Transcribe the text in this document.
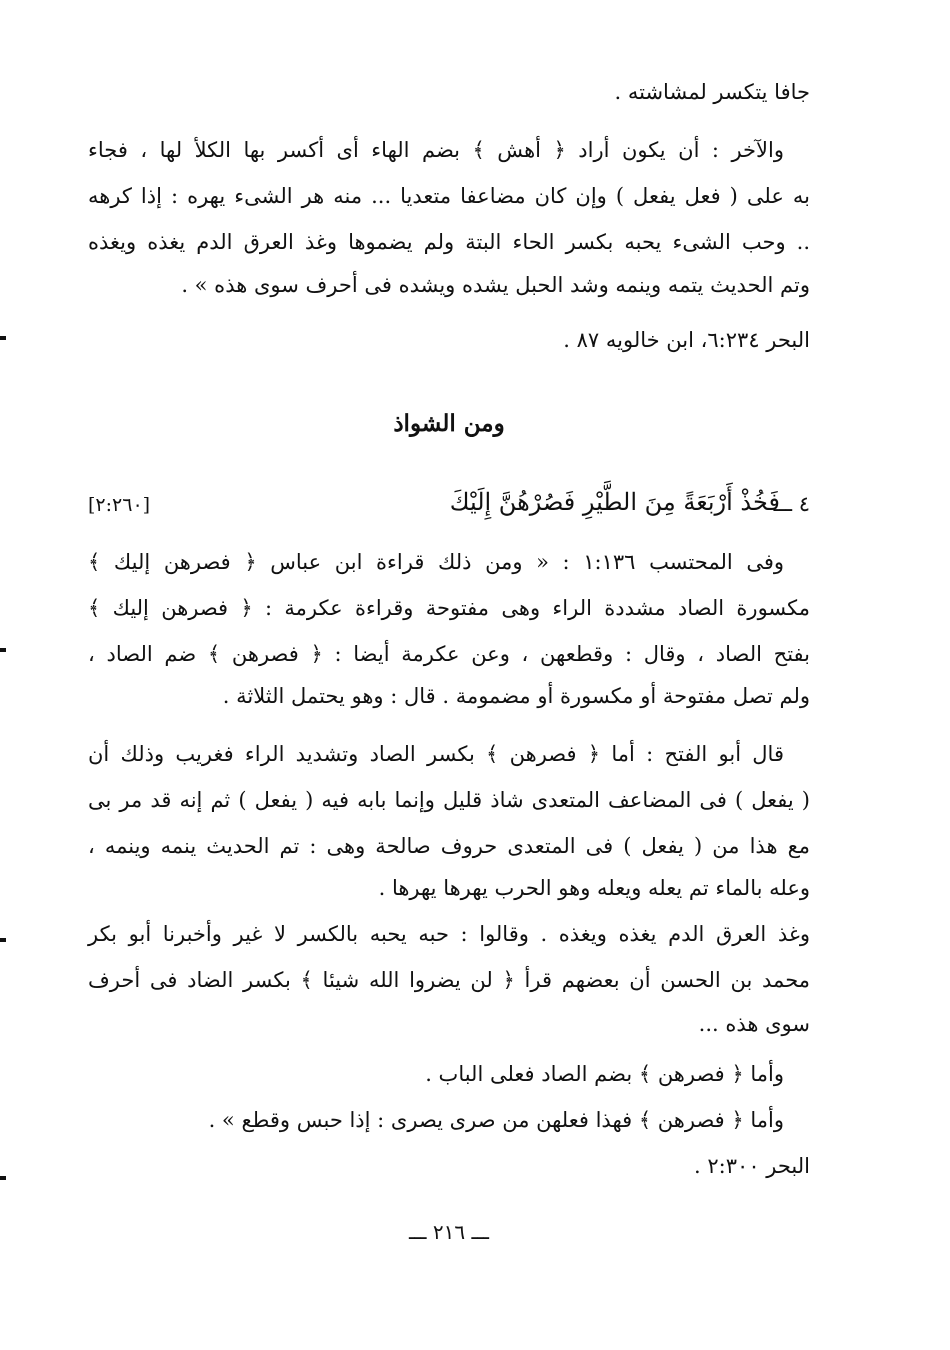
جافا يتكسر لمشاشته .
والآخر : أن يكون أراد ﴿ أهش ﴾ بضم الهاء أى أكسر بها الكلأ لها ، فجاء
به على ( فعل يفعل ) وإن كان مضاعفا متعديا ... منه هر الشىء يهره : إذا كرهه
.. وحب الشىء يحبه بكسر الحاء البتة ولم يضموها وغذ العرق الدم يغذه ويغذه
وتم الحديث يتمه وينمه وشد الحبل يشده ويشده فى أحرف سوى هذه » .
البحر ٦:٢٣٤، ابن خالويه ٨٧ .
ومن الشواذ
٤ ـــ
فَخُذْ أَرْبَعَةً مِنَ الطَّيْرِ فَصُرْهُنَّ إِلَيْكَ
[٢:٢٦٠]
وفى المحتسب ١:١٣٦ : « ومن ذلك قراءة ابن عباس ﴿ فصرهن إليك ﴾
مكسورة الصاد مشددة الراء وهى مفتوحة وقراءة عكرمة : ﴿ فصرهن إليك ﴾
بفتح الصاد ، وقال : وقطعهن ، وعن عكرمة أيضا : ﴿ فصرهن ﴾ ضم الصاد ،
ولم تصل مفتوحة أو مكسورة أو مضمومة . قال : وهو يحتمل الثلاثة .
قال أبو الفتح : أما ﴿ فصرهن ﴾ بكسر الصاد وتشديد الراء فغريب وذلك أن
( يفعل ) فى المضاعف المتعدى شاذ قليل وإنما بابه فيه ( يفعل ) ثم إنه قد مر بى
مع هذا من ( يفعل ) فى المتعدى حروف صالحة وهى : تم الحديث ينمه وينمه ،
وعله بالماء تم يعله ويعله وهو الحرب يهرها يهرها .
وغذ العرق الدم يغذه ويغذه . وقالوا : حبه يحبه بالكسر لا غير وأخبرنا أبو بكر
محمد بن الحسن أن بعضهم قرأ ﴿ لن يضروا الله شيئا ﴾ بكسر الضاد فى أحرف
سوى هذه ...
وأما ﴿ فصرهن ﴾ بضم الصاد فعلى الباب .
وأما ﴿ فصرهن ﴾ فهذا فعلهن من صرى يصرى : إذا حبس وقطع » .
البحر ٢:٣٠٠ .
ـــ ٢١٦ ـــ
